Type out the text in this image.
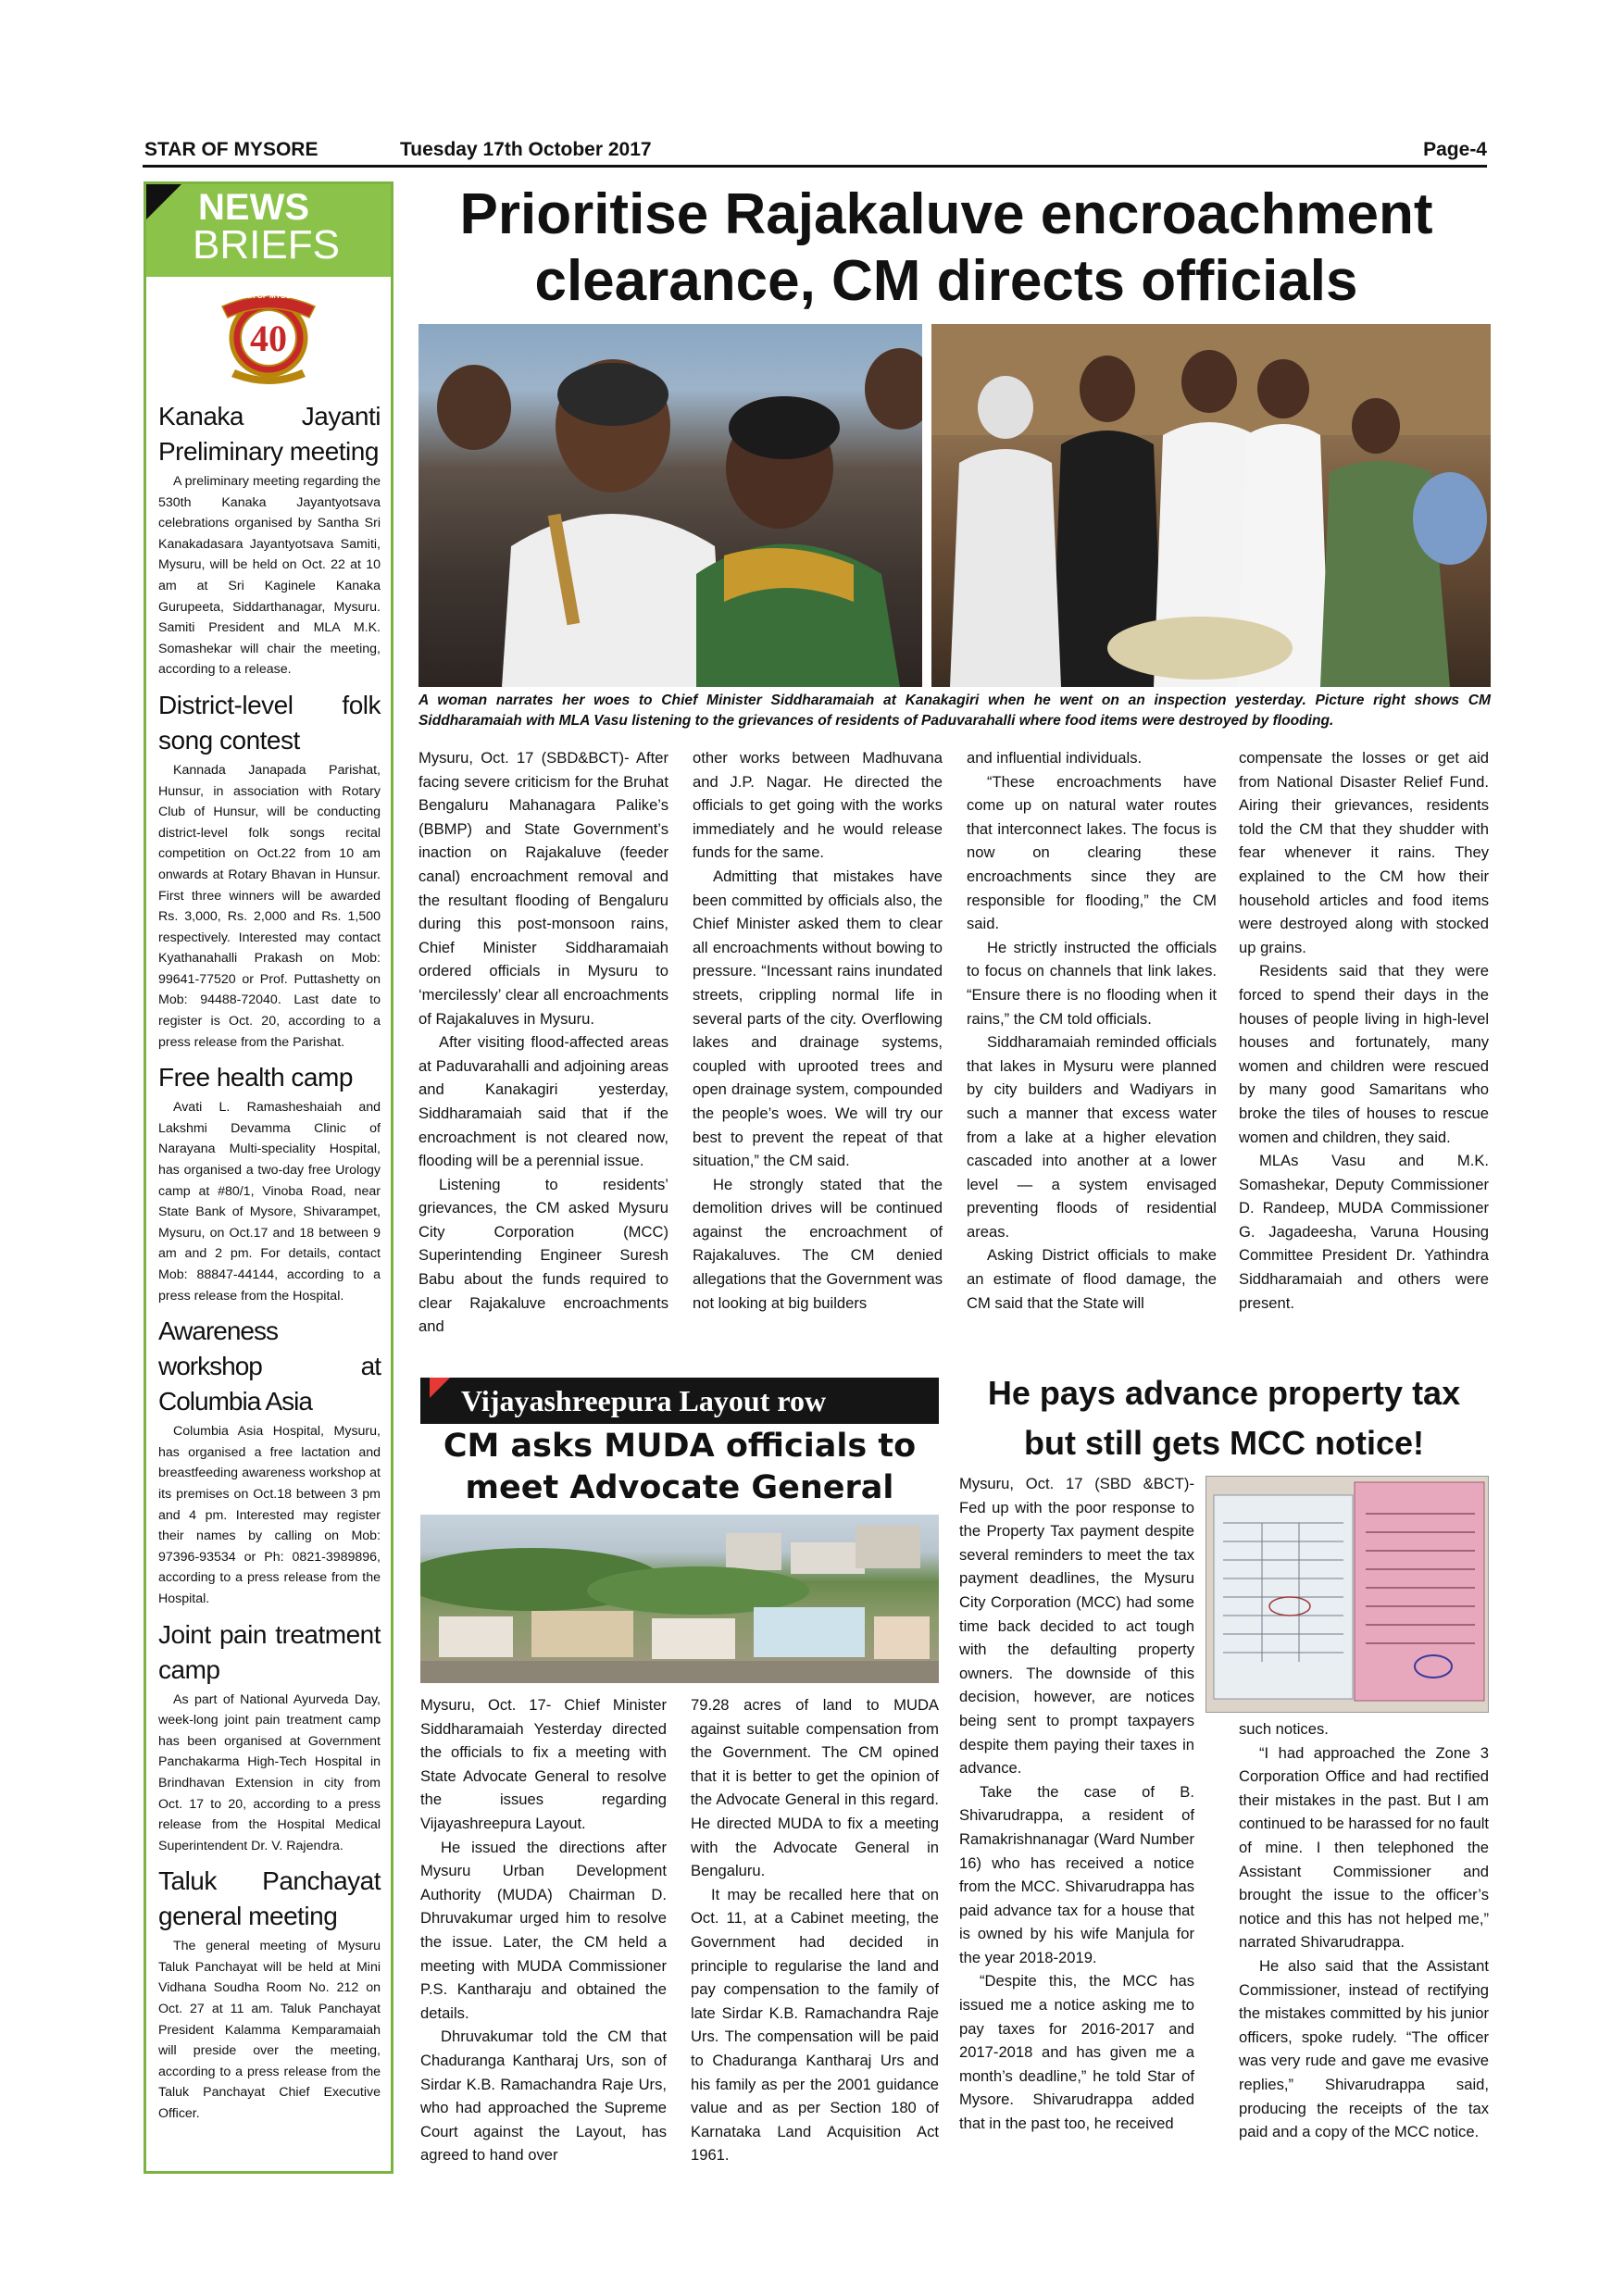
STAR OF MYSORE	Tuesday 17th October 2017	Page-4
NEWS
BRIEFS
STAR OF MYSORE
40
Kanaka Jayanti Preliminary meeting

A preliminary meeting regarding the 530th Kanaka Jayantyotsava celebrations organised by Santha Sri Kanakadasara Jayantyotsava Samiti, Mysuru, will be held on Oct. 22 at 10 am at Sri Kaginele Kanaka Gurupeeta, Siddarthanagar, Mysuru. Samiti President and MLA M.K. Somashekar will chair the meeting, according to a release.

District-level folk song contest

Kannada Janapada Parishat, Hunsur, in association with Rotary Club of Hunsur, will be conducting district-level folk songs recital competition on Oct.22 from 10 am onwards at Rotary Bhavan in Hunsur. First three winners will be awarded Rs. 3,000, Rs. 2,000 and Rs. 1,500 respectively. Interested may contact Kyathanahalli Prakash on Mob: 99641-77520 or Prof. Puttashetty on Mob: 94488-72040. Last date to register is Oct. 20, according to a press release from the Parishat.

Free health camp

Avati L. Ramasheshaiah and Lakshmi Devamma Clinic of Narayana Multi-speciality Hospital, has organised a two-day free Urology camp at #80/1, Vinoba Road, near State Bank of Mysore, Shivarampet, Mysuru, on Oct.17 and 18 between 9 am and 2 pm. For details, contact Mob: 88847-44144, according to a press release from the Hospital.

Awareness workshop at Columbia Asia

Columbia Asia Hospital, Mysuru, has organised a free lactation and breastfeeding awareness workshop at its premises on Oct.18 between 3 pm and 4 pm. Interested may register their names by calling on Mob: 97396-93534 or Ph: 0821-3989896, according to a press release from the Hospital.

Joint pain treatment camp

As part of National Ayurveda Day, week-long joint pain treatment camp has been organised at Government Panchakarma High-Tech Hospital in Brindhavan Extension in city from Oct. 17 to 20, according to a press release from the Hospital Medical Superintendent Dr. V. Rajendra.

Taluk Panchayat general meeting

The general meeting of Mysuru Taluk Panchayat will be held at Mini Vidhana Soudha Room No. 212 on Oct. 27 at 11 am. Taluk Panchayat President Kalamma Kemparamaiah will preside over the meeting, according to a press release from the Taluk Panchayat Chief Executive Officer.

Prioritise Rajakaluve encroachment
clearance, CM directs officials
A woman narrates her woes to Chief Minister Siddharamaiah at Kanakagiri when he went on an inspection yesterday. Picture right shows CM Siddharamaiah with MLA Vasu listening to the grievances of residents of Paduvarahalli where food items were destroyed by flooding.

Mysuru, Oct. 17 (SBD&BCT)- After facing severe criticism for the Bruhat Bengaluru Mahanagara Palike’s (BBMP) and State Government’s inaction on Rajakaluve (feeder canal) encroachment removal and the resultant flooding of Bengaluru during this post-monsoon rains, Chief Minister Siddharamaiah ordered officials in Mysuru to ‘mercilessly’ clear all encroachments of Rajakaluves in Mysuru.

After visiting flood-affected areas at Paduvarahalli and adjoining areas and Kanakagiri yesterday, Siddharamaiah said that if the encroachment is not cleared now, flooding will be a perennial issue.

Listening to residents’ grievances, the CM asked Mysuru City Corporation (MCC) Superintending Engineer Suresh Babu about the funds required to clear Rajakaluve encroachments and

other works between Madhuvana and J.P. Nagar. He directed the officials to get going with the works immediately and he would release funds for the same.

Admitting that mistakes have been committed by officials also, the Chief Minister asked them to clear all encroachments without bowing to pressure. “Incessant rains inundated streets, crippling normal life in several parts of the city. Overflowing lakes and drainage systems, coupled with uprooted trees and open drainage system, compounded the people’s woes. We will try our best to prevent the repeat of that situation,” the CM said.

He strongly stated that the demolition drives will be continued against the encroachment of Rajakaluves. The CM denied allegations that the Government was not looking at big builders

and influential individuals.

“These encroachments have come up on natural water routes that interconnect lakes. The focus is now on clearing these encroachments since they are responsible for flooding,” the CM said.

He strictly instructed the officials to focus on channels that link lakes. “Ensure there is no flooding when it rains,” the CM told officials.

Siddharamaiah reminded officials that lakes in Mysuru were planned by city builders and Wadiyars in such a manner that excess water from a lake at a higher elevation cascaded into another at a lower level — a system envisaged preventing floods of residential areas.

Asking District officials to make an estimate of flood damage, the CM said that the State will

compensate the losses or get aid from National Disaster Relief Fund. Airing their grievances, residents told the CM that they shudder with fear whenever it rains. They explained to the CM how their household articles and food items were destroyed along with stocked up grains.

Residents said that they were forced to spend their days in the houses of people living in high-level houses and fortunately, many women and children were rescued by many good Samaritans who broke the tiles of houses to rescue women and children, they said.

MLAs Vasu and M.K. Somashekar, Deputy Commissioner D. Randeep, MUDA Commissioner G. Jagadeesha, Varuna Housing Committee President Dr. Yathindra Siddharamaiah and others were present.

Vijayashreepura Layout row
CM asks MUDA officials to
meet Advocate General

Mysuru, Oct. 17- Chief Minister Siddharamaiah Yesterday directed the officials to fix a meeting with State Advocate General to resolve the issues regarding Vijayashreepura Layout.

He issued the directions after Mysuru Urban Development Authority (MUDA) Chairman D. Dhruvakumar urged him to resolve the issue. Later, the CM held a meeting with MUDA Commissioner P.S. Kantharaju and obtained the details.

Dhruvakumar told the CM that Chaduranga Kantharaj Urs, son of Sirdar K.B. Ramachandra Raje Urs, who had approached the Supreme Court against the Layout, has agreed to hand over

79.28 acres of land to MUDA against suitable compensation from the Government. The CM opined that it is better to get the opinion of the Advocate General in this regard. He directed MUDA to fix a meeting with the Advocate General in Bengaluru.

It may be recalled here that on Oct. 11, at a Cabinet meeting, the Government had decided in principle to regularise the land and pay compensation to the family of late Sirdar K.B. Ramachandra Raje Urs. The compensation will be paid to Chaduranga Kantharaj Urs and his family as per the 2001 guidance value and as per Section 180 of Karnataka Land Acquisition Act 1961.

He pays advance property tax
but still gets MCC notice!

Mysuru, Oct. 17 (SBD &BCT)- Fed up with the poor response to the Property Tax payment despite several reminders to meet the tax payment deadlines, the Mysuru City Corporation (MCC) had some time back decided to act tough with the defaulting property owners. The downside of this decision, however, are notices being sent to prompt taxpayers despite them paying their taxes in advance.

Take the case of B. Shivarudrappa, a resident of Ramakrishnanagar (Ward Number 16) who has received a notice from the MCC. Shivarudrappa has paid advance tax for a house that is owned by his wife Manjula for the year 2018-2019.

“Despite this, the MCC has issued me a notice asking me to pay taxes for 2016-2017 and 2017-2018 and has given me a month’s deadline,” he told Star of Mysore. Shivarudrappa added that in the past too, he received

such notices.

“I had approached the Zone 3 Corporation Office and had rectified their mistakes in the past. But I am continued to be harassed for no fault of mine. I then telephoned the Assistant Commissioner and brought the issue to the officer’s notice and this has not helped me,” narrated Shivarudrappa.

He also said that the Assistant Commissioner, instead of rectifying the mistakes committed by his junior officers, spoke rudely. “The officer was very rude and gave me evasive replies,” Shivarudrappa said, producing the receipts of the tax paid and a copy of the MCC notice.
